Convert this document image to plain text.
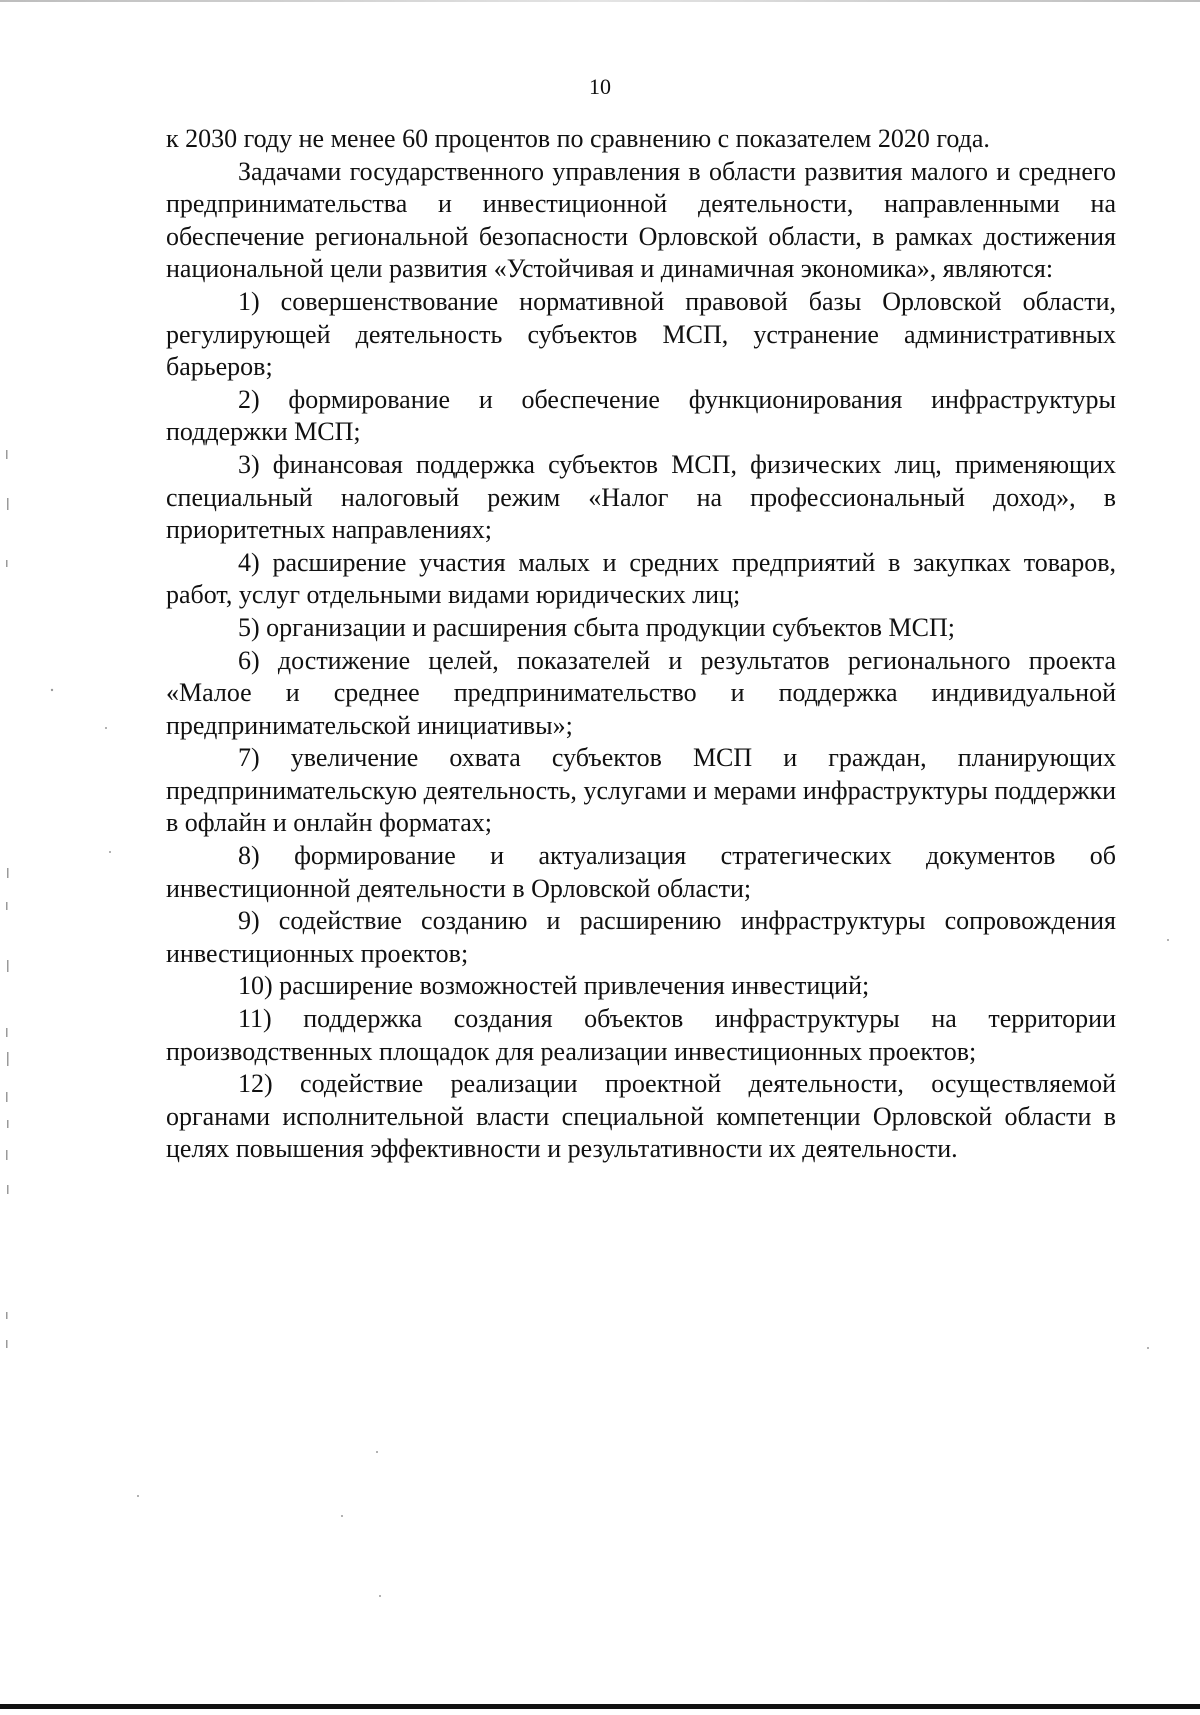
10

к 2030 году не менее 60 процентов по сравнению с показателем 2020 года.

Задачами государственного управления в области развития малого и среднего предпринимательства и инвестиционной деятельности, направленными на обеспечение региональной безопасности Орловской области, в рамках достижения национальной цели развития «Устойчивая и динамичная экономика», являются:

1) совершенствование нормативной правовой базы Орловской области, регулирующей деятельность субъектов МСП, устранение административных барьеров;

2) формирование и обеспечение функционирования инфраструктуры поддержки МСП;

3) финансовая поддержка субъектов МСП, физических лиц, применяющих специальный налоговый режим «Налог на профессиональный доход», в приоритетных направлениях;

4) расширение участия малых и средних предприятий в закупках товаров, работ, услуг отдельными видами юридических лиц;

5) организации и расширения сбыта продукции субъектов МСП;

6) достижение целей, показателей и результатов регионального проекта «Малое и среднее предпринимательство и поддержка индивидуальной предпринимательской инициативы»;

7) увеличение охвата субъектов МСП и граждан, планирующих предпринимательскую деятельность, услугами и мерами инфраструктуры поддержки в офлайн и онлайн форматах;

8) формирование и актуализация стратегических документов об инвестиционной деятельности в Орловской области;

9) содействие созданию и расширению инфраструктуры сопровождения инвестиционных проектов;

10) расширение возможностей привлечения инвестиций;

11) поддержка создания объектов инфраструктуры на территории производственных площадок для реализации инвестиционных проектов;

12) содействие реализации проектной деятельности, осуществляемой органами исполнительной власти специальной компетенции Орловской области в целях повышения эффективности и результативности их деятельности.
